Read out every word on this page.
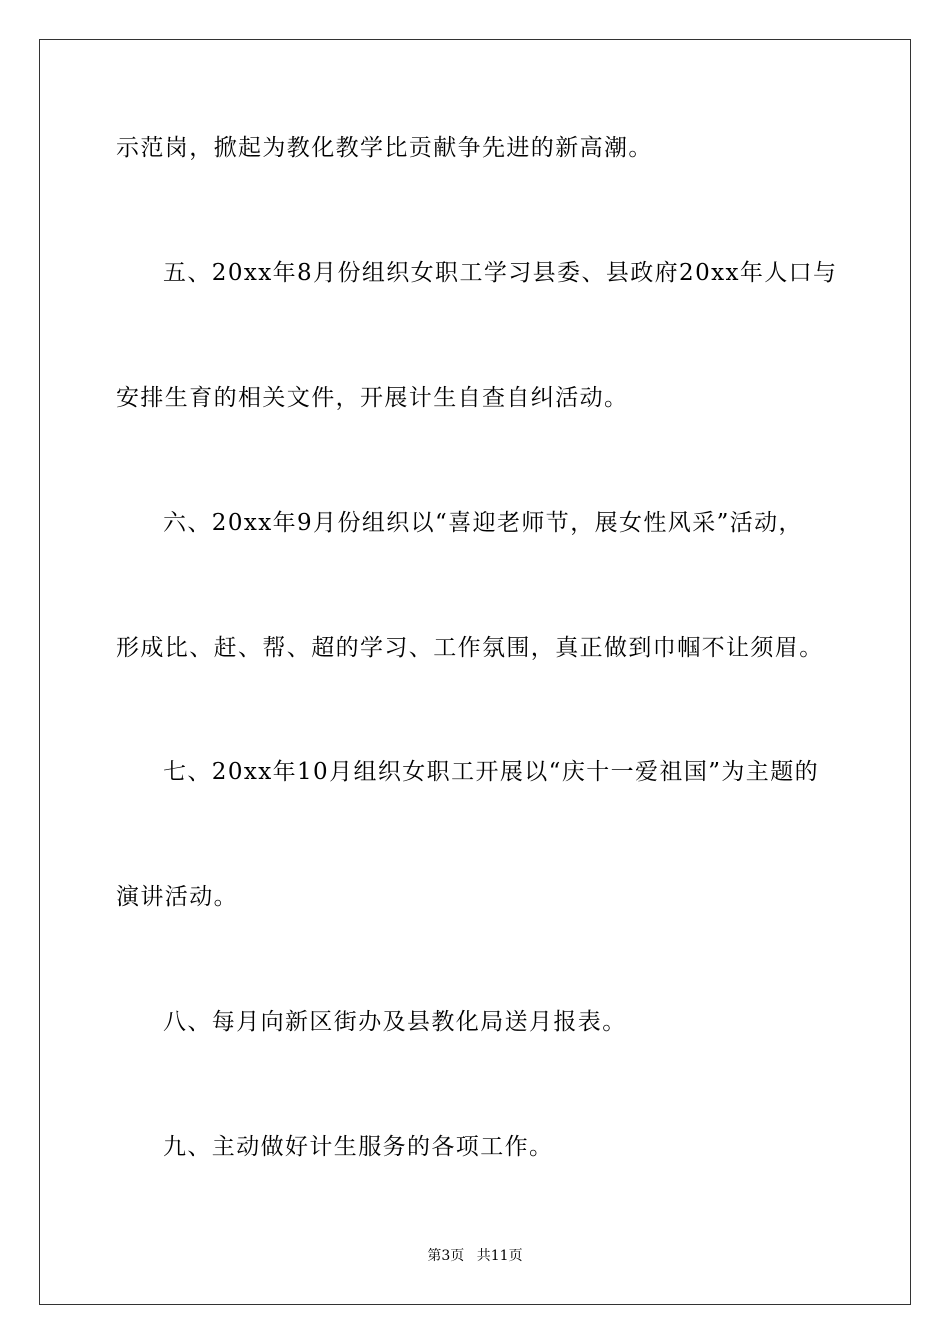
示范岗，掀起为教化教学比贡献争先进的新高潮。
五、20xx年8月份组织女职工学习县委、县政府20xx年人口与
安排生育的相关文件，开展计生自查自纠活动。
六、20xx年9月份组织以“喜迎老师节，展女性风采”活动，
形成比、赶、帮、超的学习、工作氛围，真正做到巾帼不让须眉。
七、20xx年10月组织女职工开展以“庆十一爱祖国”为主题的
演讲活动。
八、每月向新区街办及县教化局送月报表。
九、主动做好计生服务的各项工作。
第3页 共11页
